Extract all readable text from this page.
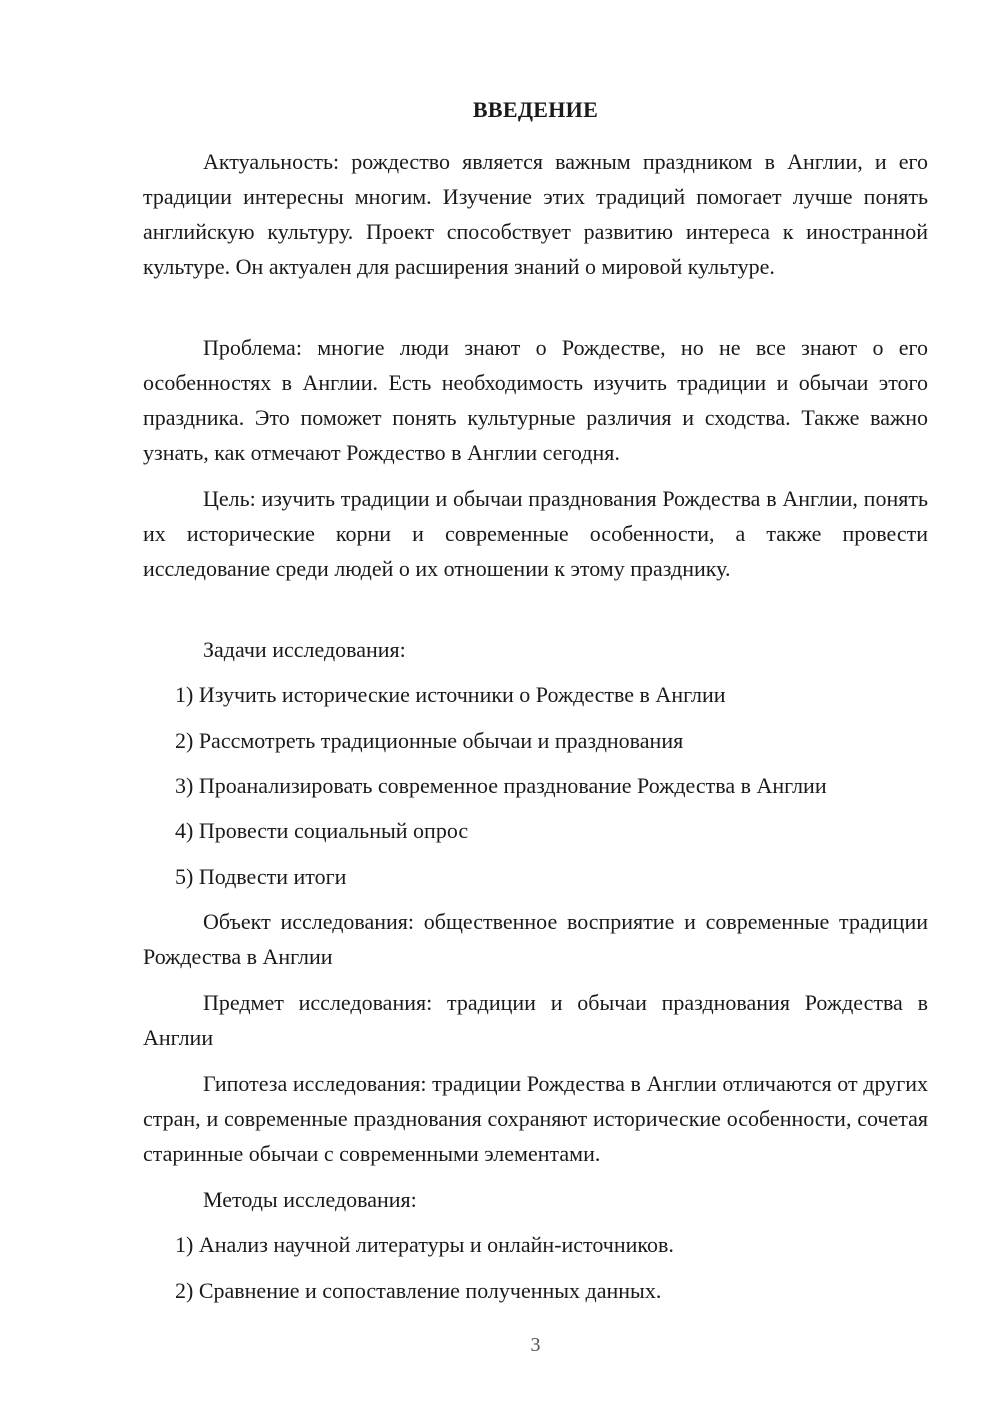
ВВЕДЕНИЕ

Актуальность: рождество является важным праздником в Англии, и его традиции интересны многим. Изучение этих традиций помогает лучше понять английскую культуру. Проект способствует развитию интереса к иностранной культуре. Он актуален для расширения знаний о мировой культуре.

Проблема: многие люди знают о Рождестве, но не все знают о его особенностях в Англии. Есть необходимость изучить традиции и обычаи этого праздника. Это поможет понять культурные различия и сходства. Также важно узнать, как отмечают Рождество в Англии сегодня.

Цель: изучить традиции и обычаи празднования Рождества в Англии, понять их исторические корни и современные особенности, а также провести исследование среди людей о их отношении к этому празднику.

Задачи исследования:

1) Изучить исторические источники о Рождестве в Англии

2) Рассмотреть традиционные обычаи и празднования

3) Проанализировать современное празднование Рождества в Англии

4) Провести социальный опрос

5) Подвести итоги

Объект исследования: общественное восприятие и современные традиции Рождества в Англии

Предмет исследования: традиции и обычаи празднования Рождества в Англии

Гипотеза исследования: традиции Рождества в Англии отличаются от других стран, и современные празднования сохраняют исторические особенности, сочетая старинные обычаи с современными элементами.

Методы исследования:

1) Анализ научной литературы и онлайн-источников.

2) Сравнение и сопоставление полученных данных.

3
